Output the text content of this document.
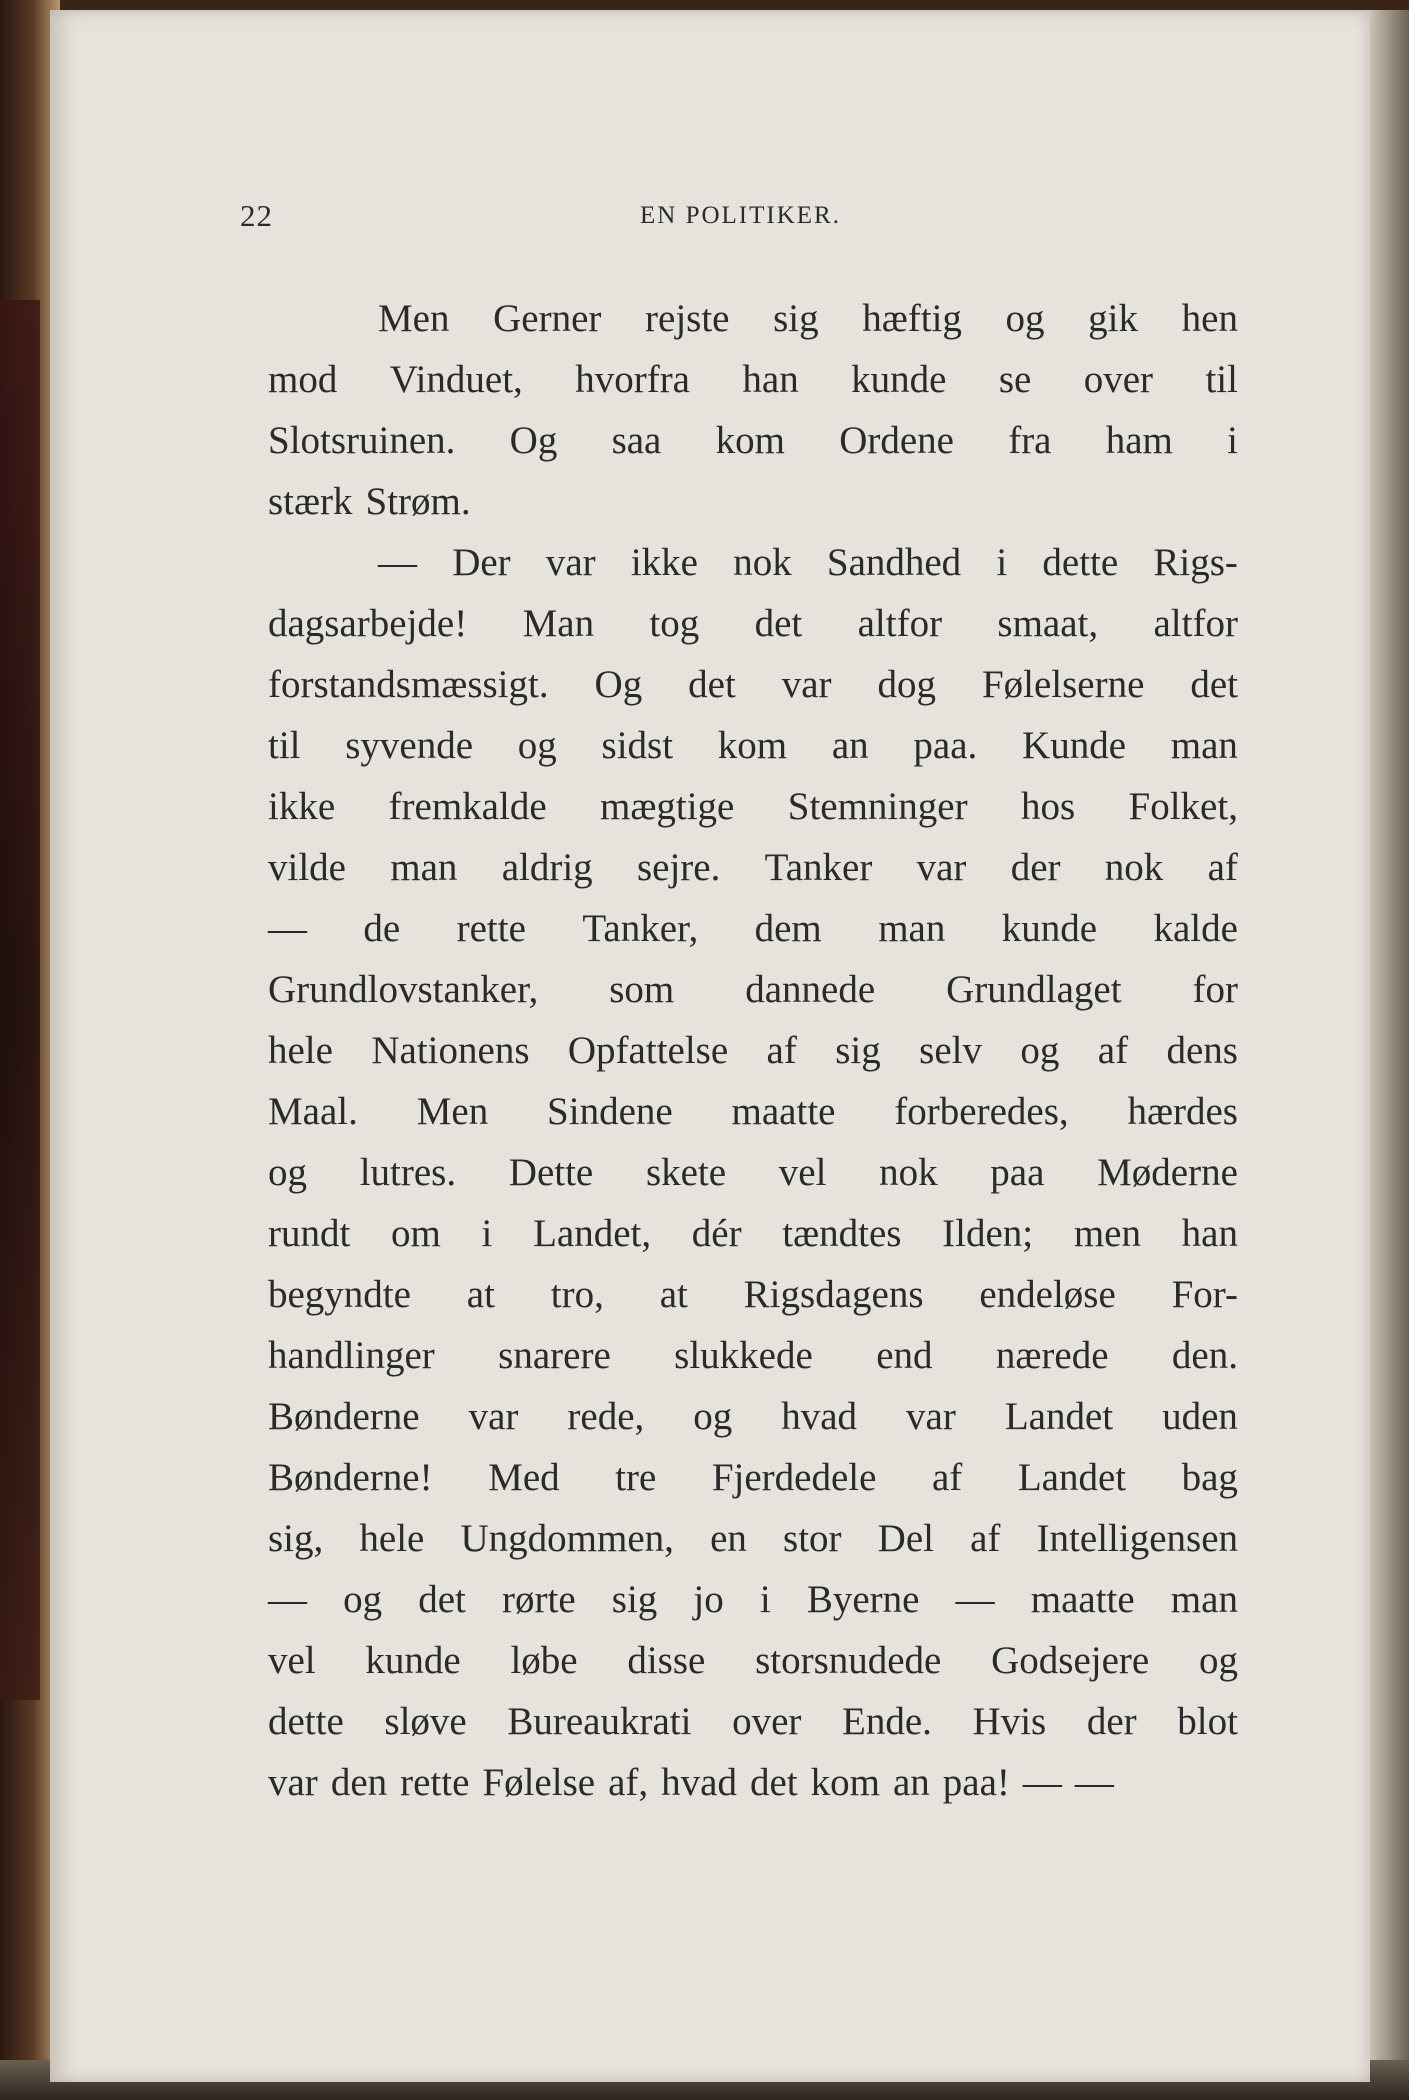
22	EN POLITIKER.
Men Gerner rejste sig hæftig og gik hen
mod Vinduet, hvorfra han kunde se over til
Slotsruinen. Og saa kom Ordene fra ham i
stærk Strøm.
— Der var ikke nok Sandhed i dette Rigs-
dagsarbejde! Man tog det altfor smaat, altfor
forstandsmæssigt. Og det var dog Følelserne det
til syvende og sidst kom an paa. Kunde man
ikke fremkalde mægtige Stemninger hos Folket,
vilde man aldrig sejre. Tanker var der nok af
— de rette Tanker, dem man kunde kalde
Grundlovstanker, som dannede Grundlaget for
hele Nationens Opfattelse af sig selv og af dens
Maal. Men Sindene maatte forberedes, hærdes
og lutres. Dette skete vel nok paa Møderne
rundt om i Landet, dér tændtes Ilden; men han
begyndte at tro, at Rigsdagens endeløse For-
handlinger snarere slukkede end nærede den.
Bønderne var rede, og hvad var Landet uden
Bønderne! Med tre Fjerdedele af Landet bag
sig, hele Ungdommen, en stor Del af Intelligensen
— og det rørte sig jo i Byerne — maatte man
vel kunde løbe disse storsnudede Godsejere og
dette sløve Bureaukrati over Ende. Hvis der blot
var den rette Følelse af, hvad det kom an paa! — —
